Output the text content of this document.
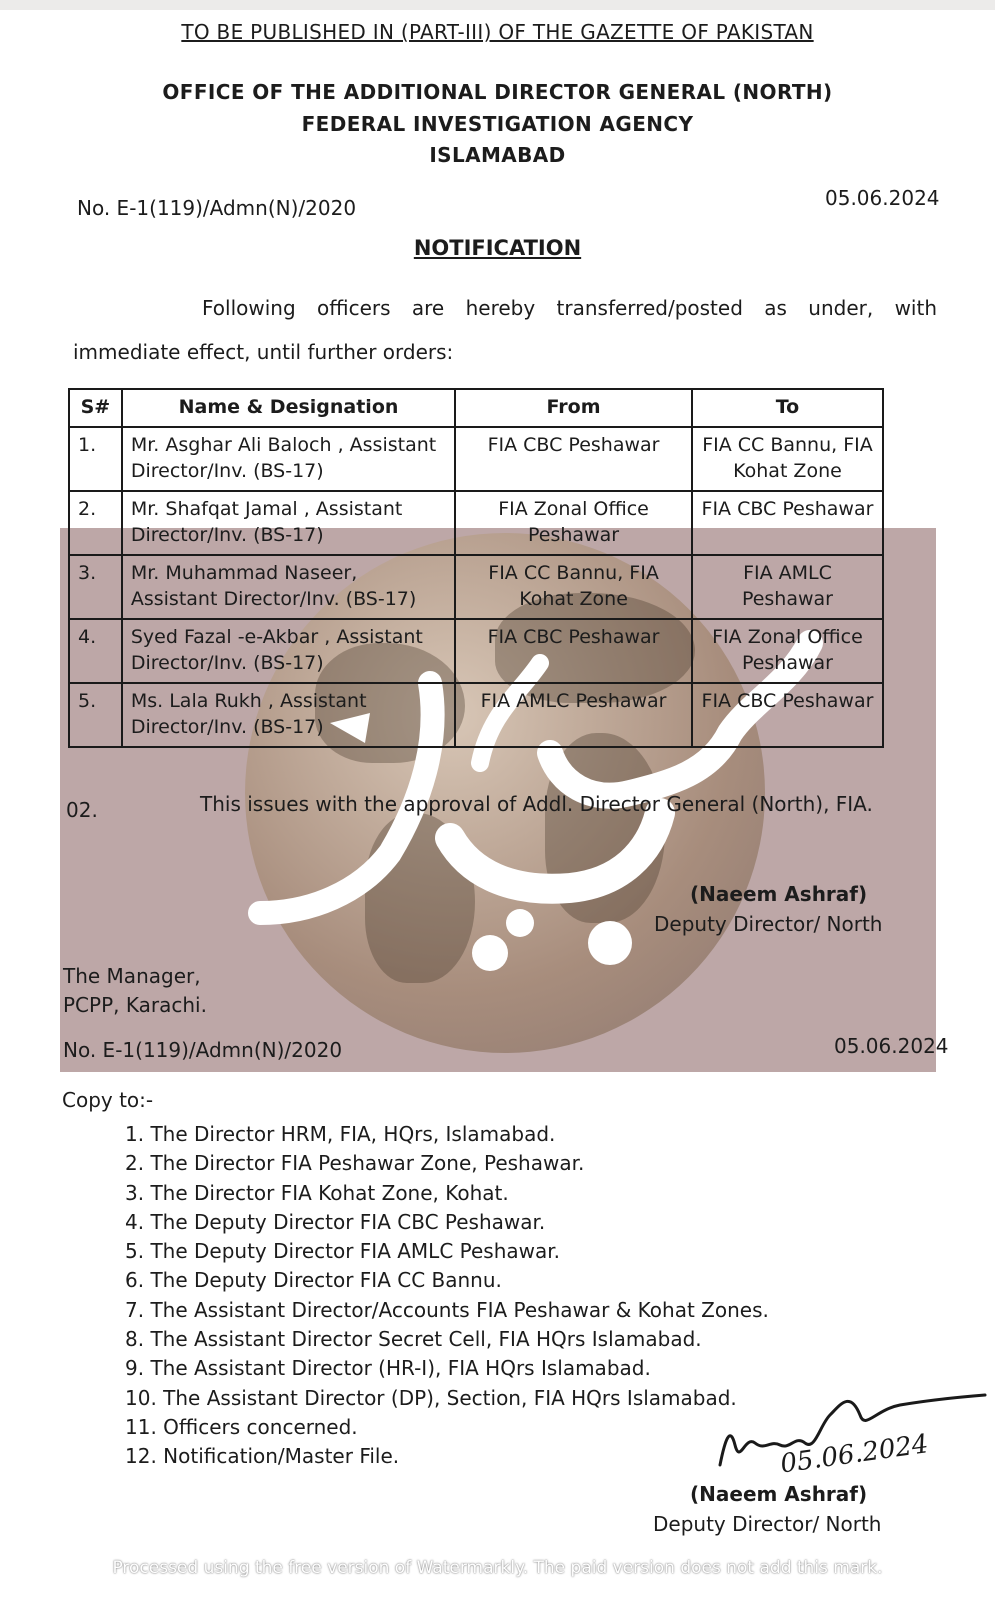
TO BE PUBLISHED IN (PART-III) OF THE GAZETTE OF PAKISTAN
OFFICE OF THE ADDITIONAL DIRECTOR GENERAL (NORTH)
FEDERAL INVESTIGATION AGENCY
ISLAMABAD
No. E-1(119)/Admn(N)/2020	05.06.2024
NOTIFICATION
Following officers are hereby transferred/posted as under, with
immediate effect, until further orders:
S#	Name & Designation	From	To
1.	Mr. Asghar Ali Baloch , Assistant Director/Inv. (BS-17)	FIA CBC Peshawar	FIA CC Bannu, FIA Kohat Zone
2.	Mr. Shafqat Jamal , Assistant Director/Inv. (BS-17)	FIA Zonal Office Peshawar	FIA CBC Peshawar
3.	Mr. Muhammad Naseer, Assistant Director/Inv. (BS-17)	FIA CC Bannu, FIA Kohat Zone	FIA AMLC Peshawar
4.	Syed Fazal -e-Akbar , Assistant Director/Inv. (BS-17)	FIA CBC Peshawar	FIA Zonal Office Peshawar
5.	Ms. Lala Rukh , Assistant Director/Inv. (BS-17)	FIA AMLC Peshawar	FIA CBC Peshawar
02.	This issues with the approval of Addl. Director General (North), FIA.
(Naeem Ashraf)
Deputy Director/ North
The Manager,
PCPP, Karachi.
No. E-1(119)/Admn(N)/2020	05.06.2024
Copy to:-
1. The Director HRM, FIA, HQrs, Islamabad.
2. The Director FIA Peshawar Zone, Peshawar.
3. The Director FIA Kohat Zone, Kohat.
4. The Deputy Director FIA CBC Peshawar.
5. The Deputy Director FIA AMLC Peshawar.
6. The Deputy Director FIA CC Bannu.
7. The Assistant Director/Accounts FIA Peshawar & Kohat Zones.
8. The Assistant Director Secret Cell, FIA HQrs Islamabad.
9. The Assistant Director (HR-I), FIA HQrs Islamabad.
10. The Assistant Director (DP), Section, FIA HQrs Islamabad.
11. Officers concerned.
12. Notification/Master File.	05.06.2024
(Naeem Ashraf)
Deputy Director/ North
Processed using the free version of Watermarkly. The paid version does not add this mark.
